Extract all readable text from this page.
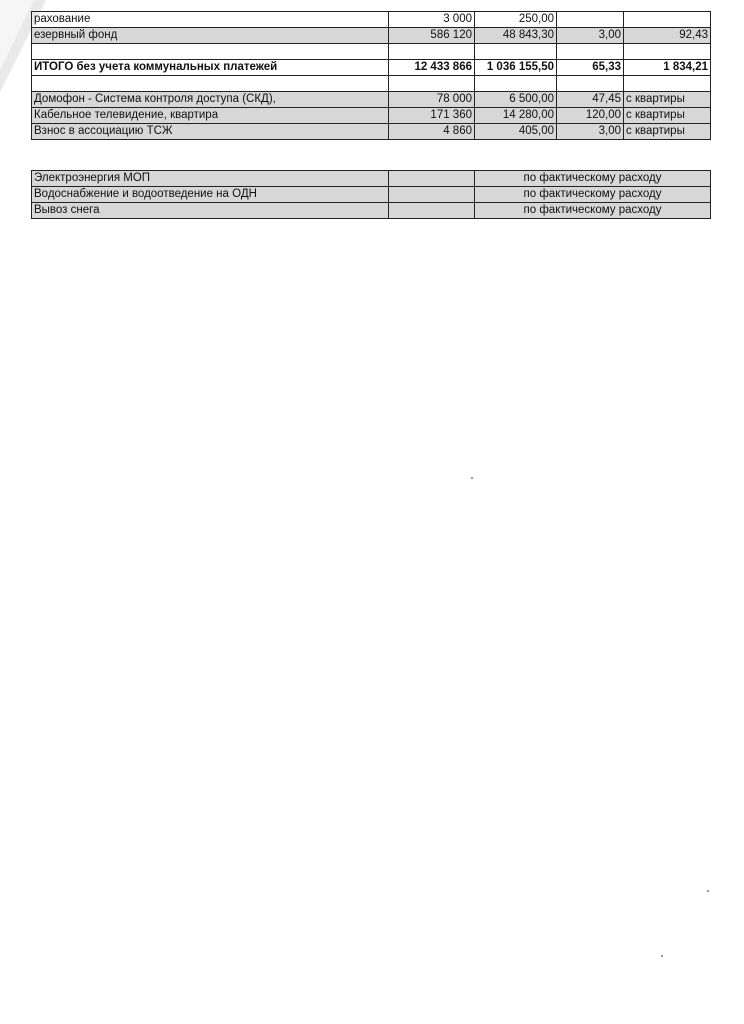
рахование	3 000	250,00		
езервный фонд	586 120	48 843,30	3,00	92,43

ИТОГО без учета коммунальных платежей	12 433 866	1 036 155,50	65,33	1 834,21

Домофон - Система контроля доступа (СКД),	78 000	6 500,00	47,45	с квартиры
Кабельное телевидение, квартира	171 360	14 280,00	120,00	с квартиры
Взнос в ассоциацию ТСЖ	4 860	405,00	3,00	с квартиры
Электроэнергия МОП		по фактическому расходу
Водоснабжение и водоотведение на ОДН		по фактическому расходу
Вывоз снега		по фактическому расходу
